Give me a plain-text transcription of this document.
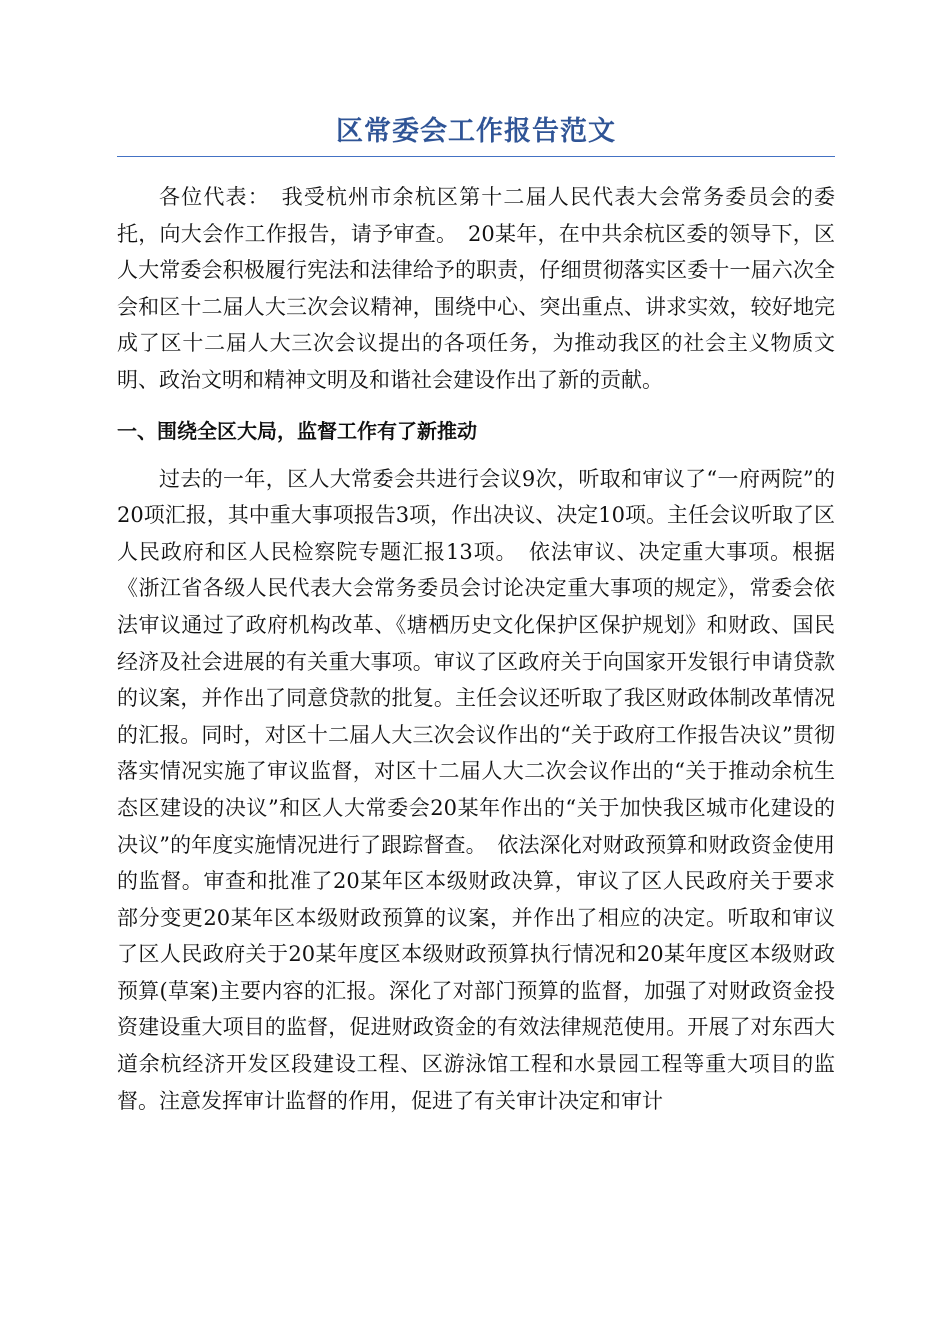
区常委会工作报告范文

各位代表：　我受杭州市余杭区第十二届人民代表大会常务委员会的委托，向大会作工作报告，请予审查。　20某年，在中共余杭区委的领导下，区人大常委会积极履行宪法和法律给予的职责，仔细贯彻落实区委十一届六次全会和区十二届人大三次会议精神，围绕中心、突出重点、讲求实效，较好地完成了区十二届人大三次会议提出的各项任务，为推动我区的社会主义物质文明、政治文明和精神文明及和谐社会建设作出了新的贡献。

一、围绕全区大局，监督工作有了新推动

过去的一年，区人大常委会共进行会议9次，听取和审议了“一府两院”的20项汇报，其中重大事项报告3项，作出决议、决定10项。主任会议听取了区人民政府和区人民检察院专题汇报13项。　依法审议、决定重大事项。根据《浙江省各级人民代表大会常务委员会讨论决定重大事项的规定》，常委会依法审议通过了政府机构改革、《塘栖历史文化保护区保护规划》和财政、国民经济及社会进展的有关重大事项。审议了区政府关于向国家开发银行申请贷款的议案，并作出了同意贷款的批复。主任会议还听取了我区财政体制改革情况的汇报。同时，对区十二届人大三次会议作出的“关于政府工作报告决议”贯彻落实情况实施了审议监督，对区十二届人大二次会议作出的“关于推动余杭生态区建设的决议”和区人大常委会20某年作出的“关于加快我区城市化建设的决议”的年度实施情况进行了跟踪督查。　依法深化对财政预算和财政资金使用的监督。审查和批准了20某年区本级财政决算，审议了区人民政府关于要求部分变更20某年区本级财政预算的议案，并作出了相应的决定。听取和审议了区人民政府关于20某年度区本级财政预算执行情况和20某年度区本级财政预算(草案)主要内容的汇报。深化了对部门预算的监督，加强了对财政资金投资建设重大项目的监督，促进财政资金的有效法律规范使用。开展了对东西大道余杭经济开发区段建设工程、区游泳馆工程和水景园工程等重大项目的监督。注意发挥审计监督的作用，促进了有关审计决定和审计
